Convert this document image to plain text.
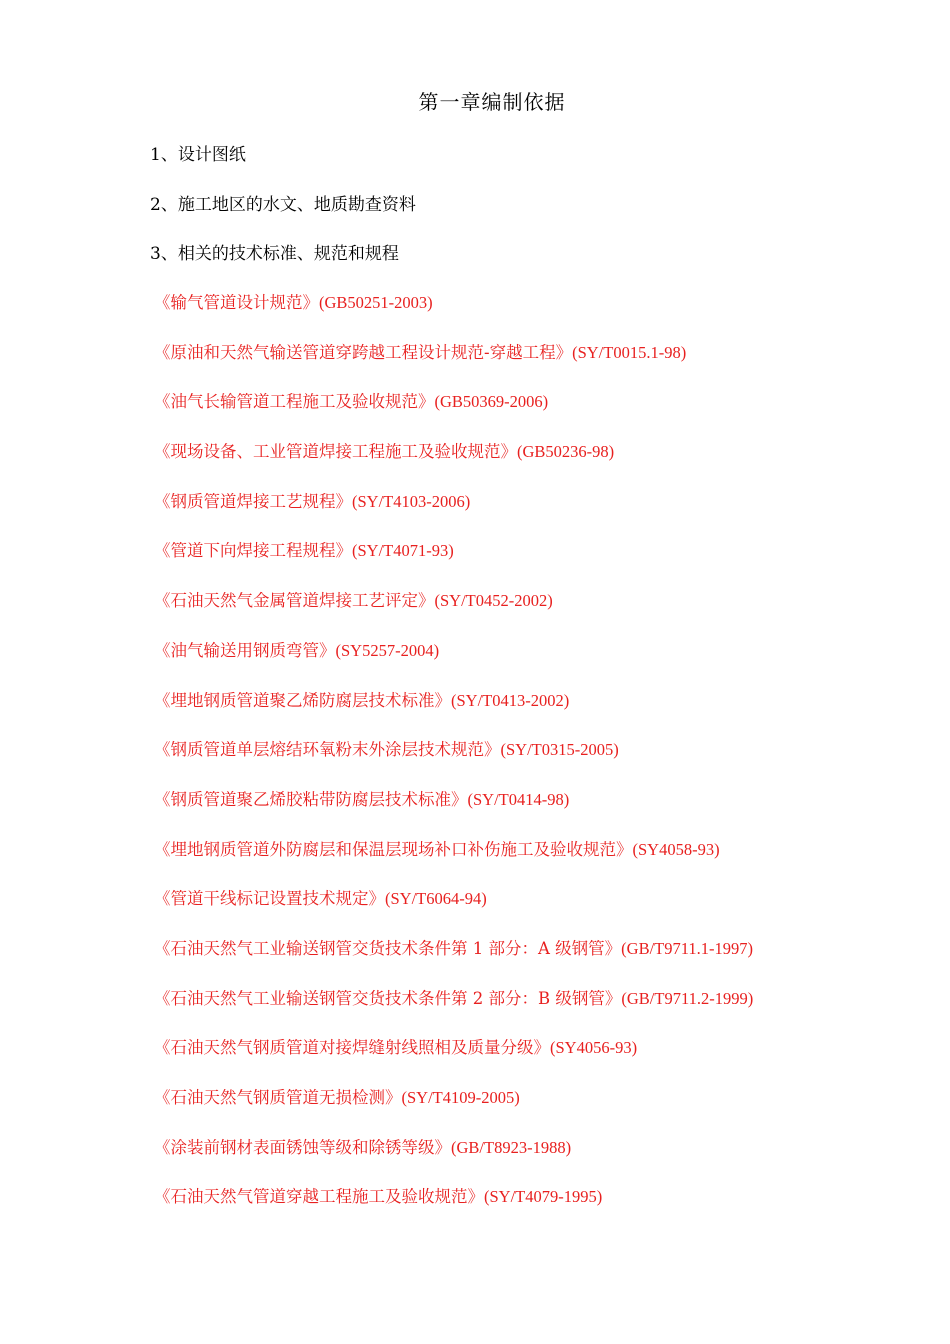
第一章编制依据
1、设计图纸
2、施工地区的水文、地质勘查资料
3、相关的技术标准、规范和规程
《输气管道设计规范》(GB50251-2003)
《原油和天然气输送管道穿跨越工程设计规范-穿越工程》(SY/T0015.1-98)
《油气长输管道工程施工及验收规范》(GB50369-2006)
《现场设备、工业管道焊接工程施工及验收规范》(GB50236-98)
《钢质管道焊接工艺规程》(SY/T4103-2006)
《管道下向焊接工程规程》(SY/T4071-93)
《石油天然气金属管道焊接工艺评定》(SY/T0452-2002)
《油气输送用钢质弯管》(SY5257-2004)
《埋地钢质管道聚乙烯防腐层技术标准》(SY/T0413-2002)
《钢质管道单层熔结环氧粉末外涂层技术规范》(SY/T0315-2005)
《钢质管道聚乙烯胶粘带防腐层技术标准》(SY/T0414-98)
《埋地钢质管道外防腐层和保温层现场补口补伤施工及验收规范》(SY4058-93)
《管道干线标记设置技术规定》(SY/T6064-94)
《石油天然气工业输送钢管交货技术条件第 1 部分：A 级钢管》(GB/T9711.1-1997)
《石油天然气工业输送钢管交货技术条件第 2 部分：B 级钢管》(GB/T9711.2-1999)
《石油天然气钢质管道对接焊缝射线照相及质量分级》(SY4056-93)
《石油天然气钢质管道无损检测》(SY/T4109-2005)
《涂装前钢材表面锈蚀等级和除锈等级》(GB/T8923-1988)
《石油天然气管道穿越工程施工及验收规范》(SY/T4079-1995)
